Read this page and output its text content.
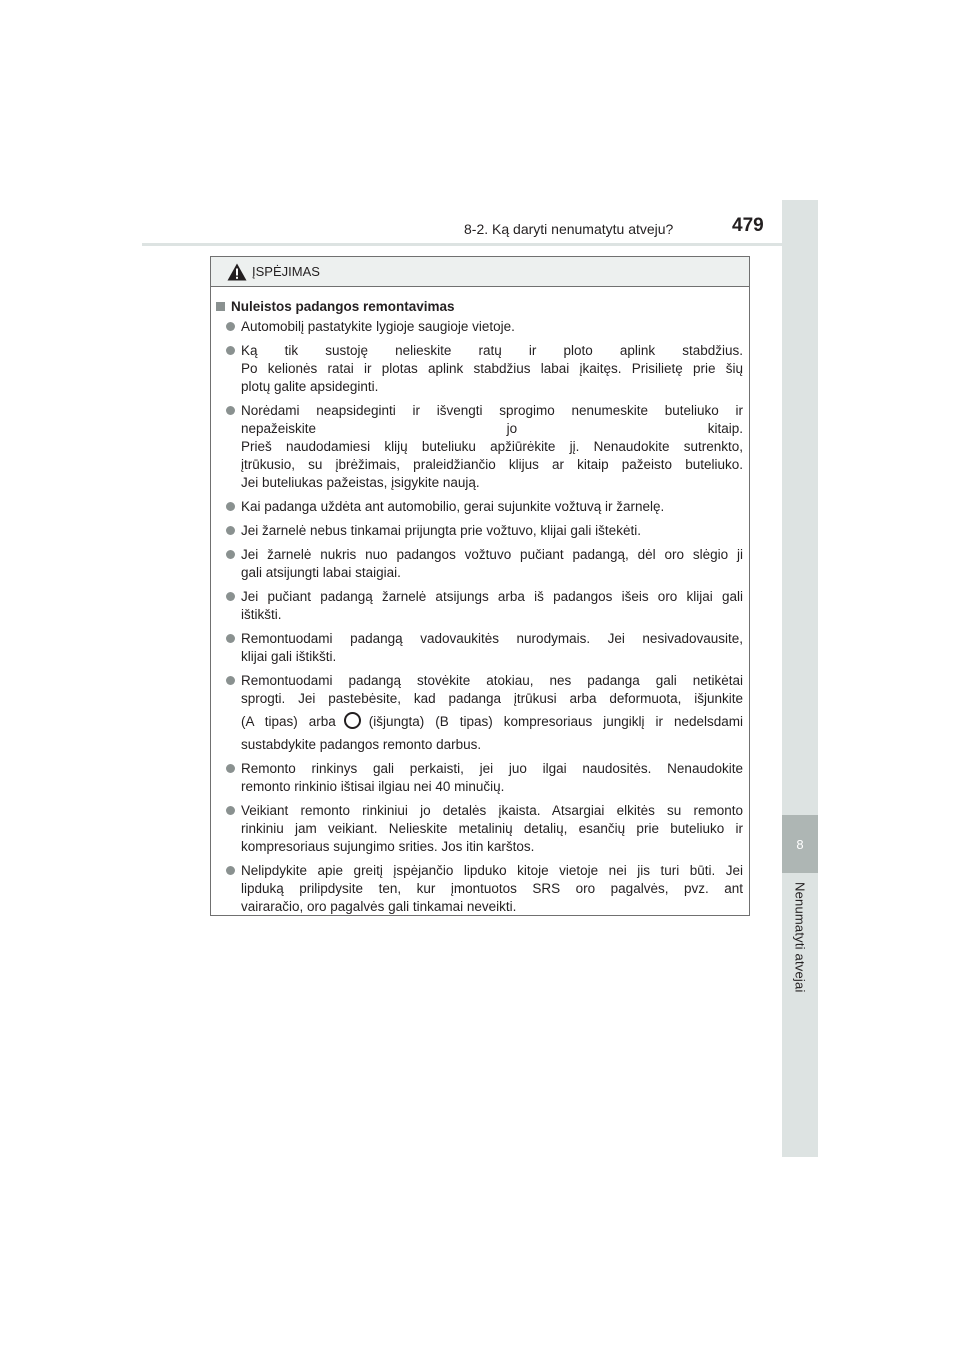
8
Nenumatyti atvejai
8-2. Ką daryti nenumatytu atveju?	479
ĮSPĖJIMAS
Nuleistos padangos remontavimas
Automobilį pastatykite lygioje saugioje vietoje.
Ką tik sustoję nelieskite ratų ir ploto aplink stabdžius.
Po kelionės ratai ir plotas aplink stabdžius labai įkaitęs. Prisilietę prie šių
plotų galite apsideginti.
Norėdami neapsideginti ir išvengti sprogimo nenumeskite buteliuko ir
nepažeiskite jo kitaip.
Prieš naudodamiesi klijų buteliuku apžiūrėkite jį. Nenaudokite sutrenkto,
įtrūkusio, su įbrėžimais, praleidžiančio klijus ar kitaip pažeisto buteliuko.
Jei buteliukas pažeistas, įsigykite naują.
Kai padanga uždėta ant automobilio, gerai sujunkite vožtuvą ir žarnelę.
Jei žarnelė nebus tinkamai prijungta prie vožtuvo, klijai gali ištekėti.
Jei žarnelė nukris nuo padangos vožtuvo pučiant padangą, dėl oro slėgio ji
gali atsijungti labai staigiai.
Jei pučiant padangą žarnelė atsijungs arba iš padangos išeis oro klijai gali
ištikšti.
Remontuodami padangą vadovaukitės nurodymais. Jei nesivadovausite,
klijai gali ištikšti.
Remontuodami padangą stovėkite atokiau, nes padanga gali netikėtai
sprogti. Jei pastebėsite, kad padanga įtrūkusi arba deformuota, išjunkite
(A tipas) arba (išjungta) (B tipas) kompresoriaus jungiklį ir nedelsdami
sustabdykite padangos remonto darbus.
Remonto rinkinys gali perkaisti, jei juo ilgai naudositės. Nenaudokite
remonto rinkinio ištisai ilgiau nei 40 minučių.
Veikiant remonto rinkiniui jo detalės įkaista. Atsargiai elkitės su remonto
rinkiniu jam veikiant. Nelieskite metalinių detalių, esančių prie buteliuko ir
kompresoriaus sujungimo srities. Jos itin karštos.
Nelipdykite apie greitį įspėjančio lipduko kitoje vietoje nei jis turi būti. Jei
lipduką prilipdysite ten, kur įmontuotos SRS oro pagalvės, pvz. ant
vairaračio, oro pagalvės gali tinkamai neveikti.
